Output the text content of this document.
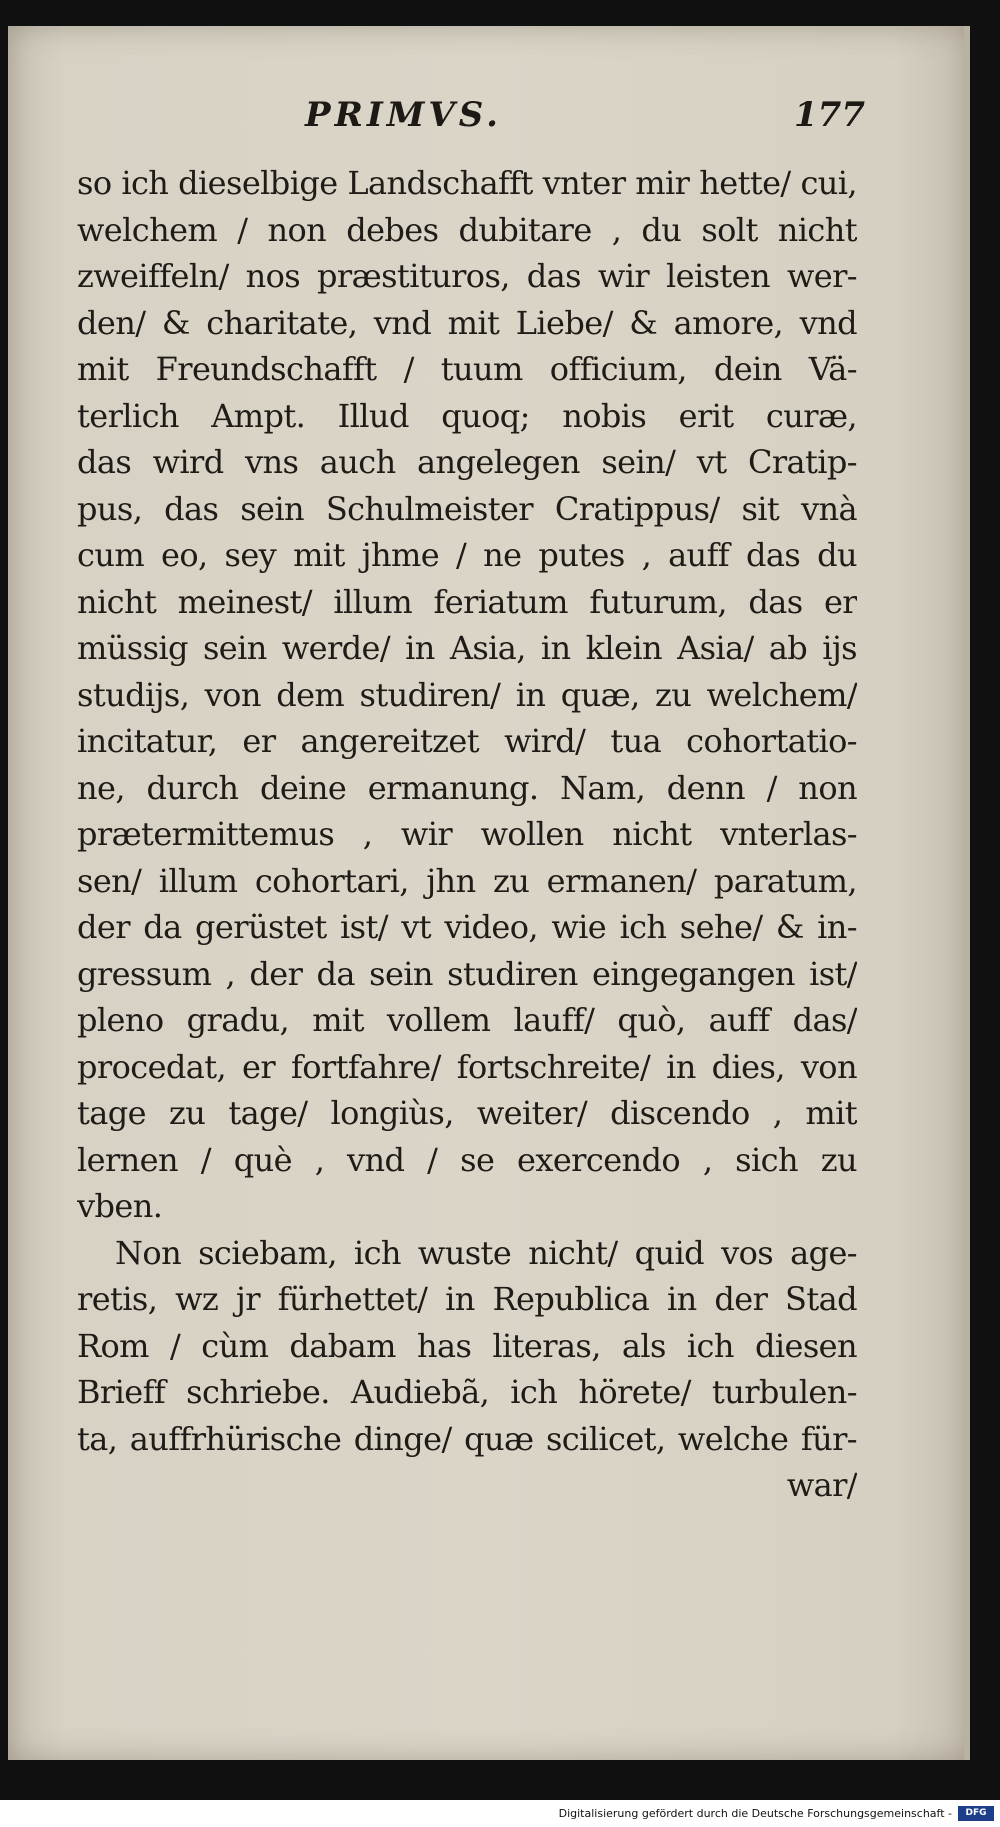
PRIMVS.	177
so ich dieselbige Landschafft vnter mir hette/ cui,
welchem / non debes dubitare , du solt nicht
zweiffeln/ nos præstituros, das wir leisten wer-
den/ & charitate, vnd mit Liebe/ & amore, vnd
mit Freundschafft / tuum officium, dein Vä-
terlich Ampt. Illud quoq; nobis erit curæ,
das wird vns auch angelegen sein/ vt Cratip-
pus, das sein Schulmeister Cratippus/ sit vnà
cum eo, sey mit jhme / ne putes , auff das du
nicht meinest/ illum feriatum futurum, das er
müssig sein werde/ in Asia, in klein Asia/ ab ijs
studijs, von dem studiren/ in quæ, zu welchem/
incitatur, er angereitzet wird/ tua cohortatio-
ne, durch deine ermanung. Nam, denn / non
prætermittemus , wir wollen nicht vnterlas-
sen/ illum cohortari, jhn zu ermanen/ paratum,
der da gerüstet ist/ vt video, wie ich sehe/ & in-
gressum , der da sein studiren eingegangen ist/
pleno gradu, mit vollem lauff/ quò, auff das/
procedat, er fortfahre/ fortschreite/ in dies, von
tage zu tage/ longiùs, weiter/ discendo , mit
lernen / què , vnd / se exercendo , sich zu
vben.
Non sciebam, ich wuste nicht/ quid vos age-
retis, wz jr fürhettet/ in Republica in der Stad
Rom / cùm dabam has literas, als ich diesen
Brieff schriebe. Audiebã, ich hörete/ turbulen-
ta, auffrhürische dinge/ quæ scilicet, welche für-
war/
Digitalisierung gefördert durch die Deutsche Forschungsgemeinschaft -	DFG
